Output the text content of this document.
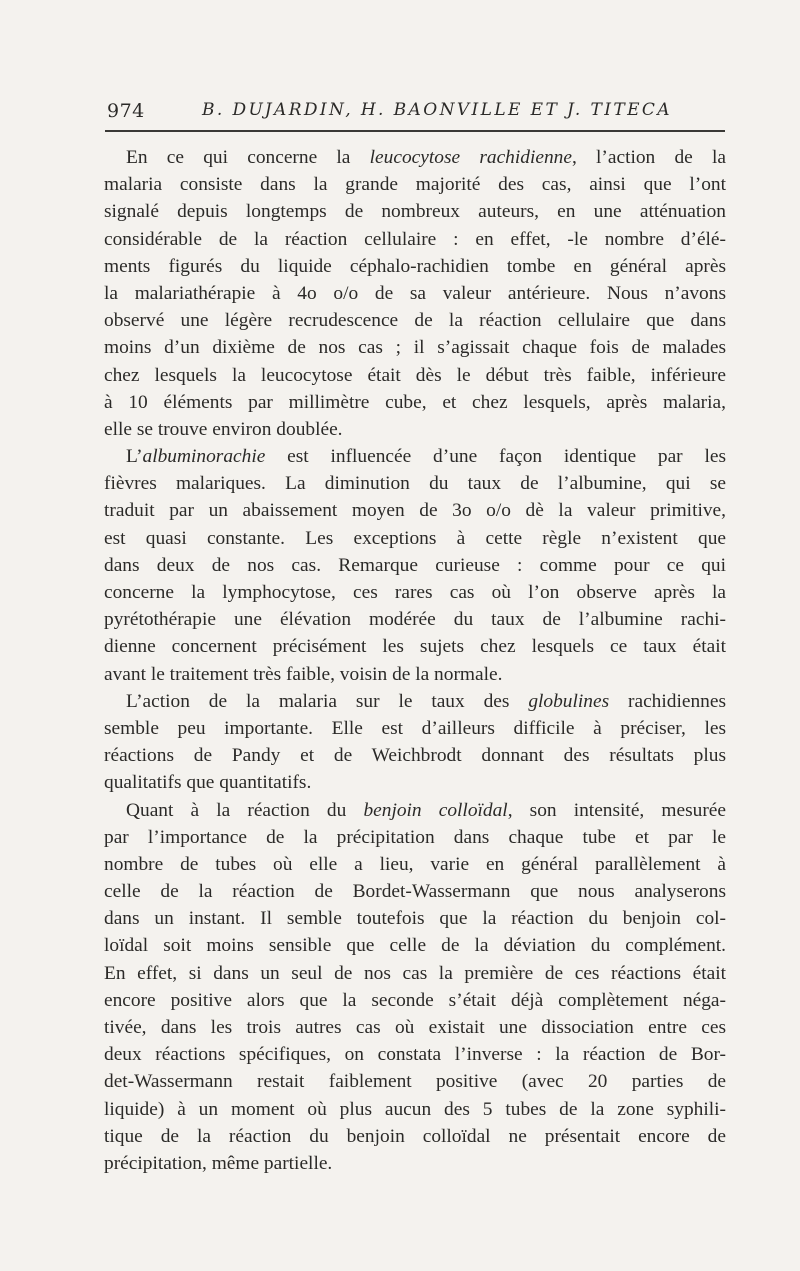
974	B. DUJARDIN, H. BAONVILLE ET J. TITECA
En ce qui concerne la leucocytose rachidienne, l’action de la
malaria consiste dans la grande majorité des cas, ainsi que l’ont
signalé depuis longtemps de nombreux auteurs, en une atténuation
considérable de la réaction cellulaire : en effet, -le nombre d’élé-
ments figurés du liquide céphalo-rachidien tombe en général après
la malariathérapie à 4o o/o de sa valeur antérieure. Nous n’avons
observé une légère recrudescence de la réaction cellulaire que dans
moins d’un dixième de nos cas ; il s’agissait chaque fois de malades
chez lesquels la leucocytose était dès le début très faible, inférieure
à 10 éléments par millimètre cube, et chez lesquels, après malaria,
elle se trouve environ doublée.
L’albuminorachie est influencée d’une façon identique par les
fièvres malariques. La diminution du taux de l’albumine, qui se
traduit par un abaissement moyen de 3o o/o dè la valeur primitive,
est quasi constante. Les exceptions à cette règle n’existent que
dans deux de nos cas. Remarque curieuse : comme pour ce qui
concerne la lymphocytose, ces rares cas où l’on observe après la
pyrétothérapie une élévation modérée du taux de l’albumine rachi-
dienne concernent précisément les sujets chez lesquels ce taux était
avant le traitement très faible, voisin de la normale.
L’action de la malaria sur le taux des globulines rachidiennes
semble peu importante. Elle est d’ailleurs difficile à préciser, les
réactions de Pandy et de Weichbrodt donnant des résultats plus
qualitatifs que quantitatifs.
Quant à la réaction du benjoin colloïdal, son intensité, mesurée
par l’importance de la précipitation dans chaque tube et par le
nombre de tubes où elle a lieu, varie en général parallèlement à
celle de la réaction de Bordet-Wassermann que nous analyserons
dans un instant. Il semble toutefois que la réaction du benjoin col-
loïdal soit moins sensible que celle de la déviation du complément.
En effet, si dans un seul de nos cas la première de ces réactions était
encore positive alors que la seconde s’était déjà complètement néga-
tivée, dans les trois autres cas où existait une dissociation entre ces
deux réactions spécifiques, on constata l’inverse : la réaction de Bor-
det-Wassermann restait faiblement positive (avec 20 parties de
liquide) à un moment où plus aucun des 5 tubes de la zone syphili-
tique de la réaction du benjoin colloïdal ne présentait encore de
précipitation, même partielle.
